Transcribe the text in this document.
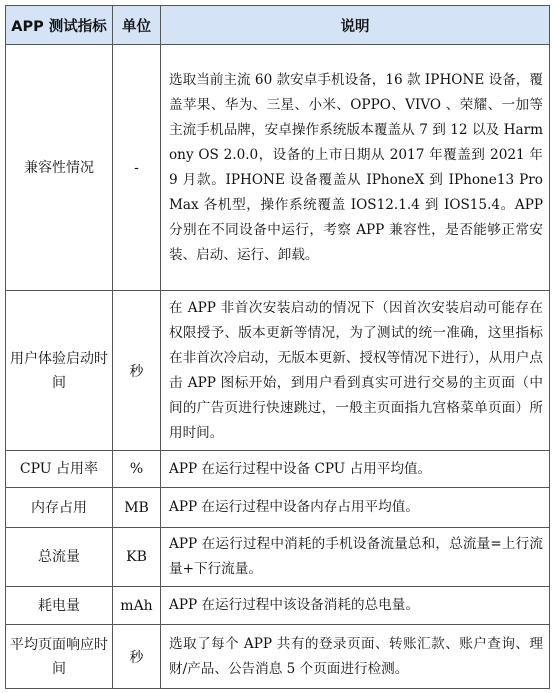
APP 测试指标	单位	说明
兼容性情况	-	选取当前主流 60 款安卓手机设备，16 款 IPHONE 设备，覆盖苹果、华为、三星、小米、OPPO、VIVO 、荣耀、一加等主流手机品牌，安卓操作系统版本覆盖从 7 到 12 以及 Harmony OS 2.0.0，设备的上市日期从 2017 年覆盖到 2021 年 9 月款。IPHONE 设备覆盖从 IPhoneX 到 IPhone13 ProMax 各机型，操作系统覆盖 IOS12.1.4 到 IOS15.4。APP 分别在不同设备中运行，考察 APP 兼容性，是否能够正常安装、启动、运行、卸载。
用户体验启动时间	秒	在 APP 非首次安装启动的情况下（因首次安装启动可能存在权限授予、版本更新等情况，为了测试的统一准确，这里指标在非首次冷启动，无版本更新、授权等情况下进行），从用户点击 APP 图标开始，到用户看到真实可进行交易的主页面（中间的广告页进行快速跳过，一般主页面指九宫格菜单页面）所用时间。
CPU 占用率	%	APP 在运行过程中设备 CPU 占用平均值。
内存占用	MB	APP 在运行过程中设备内存占用平均值。
总流量	KB	APP 在运行过程中消耗的手机设备流量总和，总流量=上行流量+下行流量。
耗电量	mAh	APP 在运行过程中该设备消耗的总电量。
平均页面响应时间	秒	选取了每个 APP 共有的登录页面、转账汇款、账户查询、理财/产品、公告消息 5 个页面进行检测。
